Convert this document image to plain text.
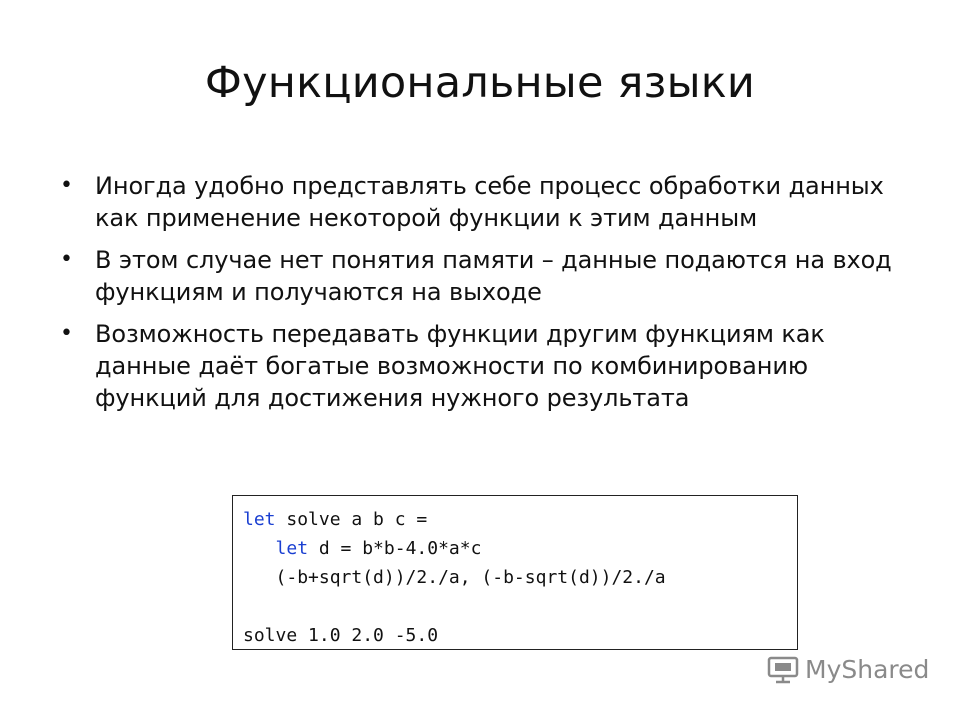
Функциональные языки
• Иногда удобно представлять себе процесс обработки данных как применение некоторой функции к этим данным
• В этом случае нет понятия памяти – данные подаются на вход функциям и получаются на выходе
• Возможность передавать функции другим функциям как данные даёт богатые возможности по комбинированию функций для достижения нужного результата
let solve a b c =
let d = b*b-4.0*a*c
(-b+sqrt(d))/2./a, (-b-sqrt(d))/2./a
solve 1.0 2.0 -5.0
MyShared
